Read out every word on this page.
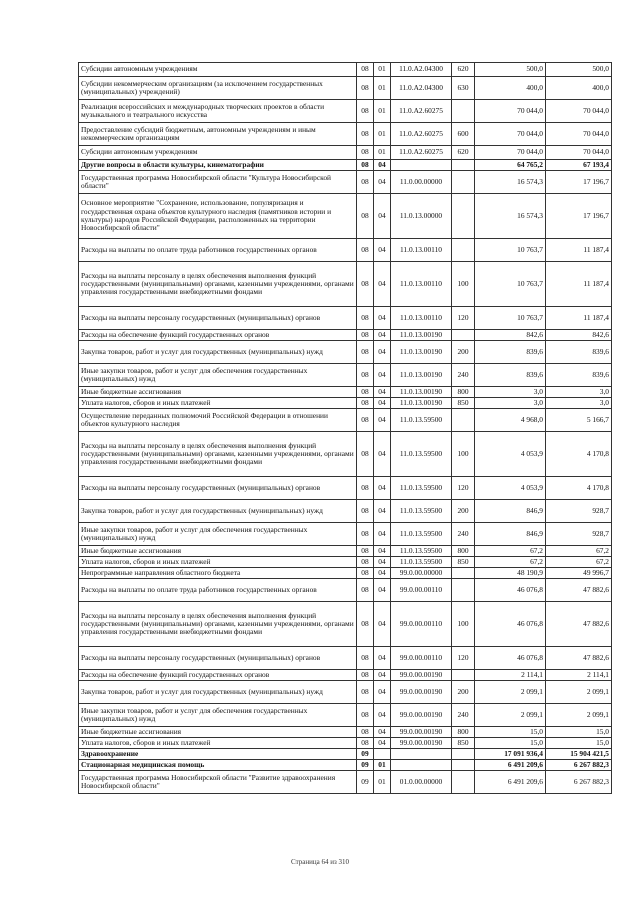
Субсидии автономным учреждениям	08	01	11.0.A2.04300	620	500,0	500,0
Субсидии некоммерческим организациям (за исключением государственных (муниципальных) учреждений)	08	01	11.0.A2.04300	630	400,0	400,0
Реализация всероссийских и международных творческих проектов в области музыкального и театрального искусства	08	01	11.0.A2.60275		70 044,0	70 044,0
Предоставление субсидий бюджетным, автономным учреждениям и иным некоммерческим организациям	08	01	11.0.A2.60275	600	70 044,0	70 044,0
Субсидии автономным учреждениям	08	01	11.0.A2.60275	620	70 044,0	70 044,0
Другие вопросы в области культуры, кинематографии	08	04			64 765,2	67 193,4
Государственная программа Новосибирской области "Культура Новосибирской области"	08	04	11.0.00.00000		16 574,3	17 196,7
Основное мероприятие "Сохранение, использование, популяризация и государственная охрана объектов культурного наследия (памятников истории и культуры) народов Российской Федерации, расположенных на территории Новосибирской области"	08	04	11.0.13.00000		16 574,3	17 196,7
Расходы на выплаты по оплате труда работников государственных органов	08	04	11.0.13.00110		10 763,7	11 187,4
Расходы на выплаты персоналу в целях обеспечения выполнения функций государственными (муниципальными) органами, казенными учреждениями, органами управления государственными внебюджетными фондами	08	04	11.0.13.00110	100	10 763,7	11 187,4
Расходы на выплаты персоналу государственных (муниципальных) органов	08	04	11.0.13.00110	120	10 763,7	11 187,4
Расходы на обеспечение функций государственных органов	08	04	11.0.13.00190		842,6	842,6
Закупка товаров, работ и услуг для государственных (муниципальных) нужд	08	04	11.0.13.00190	200	839,6	839,6
Иные закупки товаров, работ и услуг для обеспечения государственных (муниципальных) нужд	08	04	11.0.13.00190	240	839,6	839,6
Иные бюджетные ассигнования	08	04	11.0.13.00190	800	3,0	3,0
Уплата налогов, сборов и иных платежей	08	04	11.0.13.00190	850	3,0	3,0
Осуществление переданных полномочий Российской Федерации в отношении объектов культурного наследия	08	04	11.0.13.59500		4 968,0	5 166,7
Расходы на выплаты персоналу в целях обеспечения выполнения функций государственными (муниципальными) органами, казенными учреждениями, органами управления государственными внебюджетными фондами	08	04	11.0.13.59500	100	4 053,9	4 170,8
Расходы на выплаты персоналу государственных (муниципальных) органов	08	04	11.0.13.59500	120	4 053,9	4 170,8
Закупка товаров, работ и услуг для государственных (муниципальных) нужд	08	04	11.0.13.59500	200	846,9	928,7
Иные закупки товаров, работ и услуг для обеспечения государственных (муниципальных) нужд	08	04	11.0.13.59500	240	846,9	928,7
Иные бюджетные ассигнования	08	04	11.0.13.59500	800	67,2	67,2
Уплата налогов, сборов и иных платежей	08	04	11.0.13.59500	850	67,2	67,2
Непрограммные направления областного бюджета	08	04	99.0.00.00000		48 190,9	49 996,7
Расходы на выплаты по оплате труда работников государственных органов	08	04	99.0.00.00110		46 076,8	47 882,6
Расходы на выплаты персоналу в целях обеспечения выполнения функций государственными (муниципальными) органами, казенными учреждениями, органами управления государственными внебюджетными фондами	08	04	99.0.00.00110	100	46 076,8	47 882,6
Расходы на выплаты персоналу государственных (муниципальных) органов	08	04	99.0.00.00110	120	46 076,8	47 882,6
Расходы на обеспечение функций государственных органов	08	04	99.0.00.00190		2 114,1	2 114,1
Закупка товаров, работ и услуг для государственных (муниципальных) нужд	08	04	99.0.00.00190	200	2 099,1	2 099,1
Иные закупки товаров, работ и услуг для обеспечения государственных (муниципальных) нужд	08	04	99.0.00.00190	240	2 099,1	2 099,1
Иные бюджетные ассигнования	08	04	99.0.00.00190	800	15,0	15,0
Уплата налогов, сборов и иных платежей	08	04	99.0.00.00190	850	15,0	15,0
Здравоохранение	09				17 091 936,4	15 904 421,5
Стационарная медицинская помощь	09	01			6 491 209,6	6 267 882,3
Государственная программа Новосибирской области "Развитие здравоохранения Новосибирской области"	09	01	01.0.00.00000		6 491 209,6	6 267 882,3
Страница 64 из 310
